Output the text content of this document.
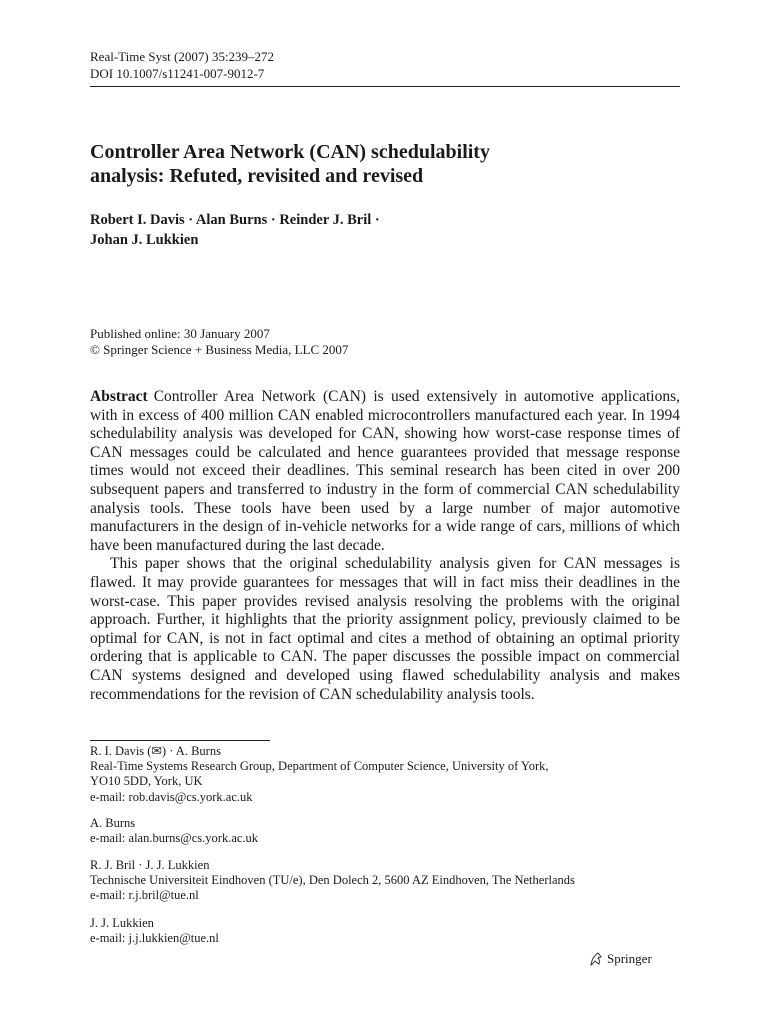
Real-Time Syst (2007) 35:239–272
DOI 10.1007/s11241-007-9012-7
Controller Area Network (CAN) schedulability
analysis: Refuted, revisited and revised
Robert I. Davis · Alan Burns · Reinder J. Bril ·
Johan J. Lukkien
Published online: 30 January 2007
© Springer Science + Business Media, LLC 2007

Abstract Controller Area Network (CAN) is used extensively in automotive applications, with in excess of 400 million CAN enabled microcontrollers manufactured each year. In 1994 schedulability analysis was developed for CAN, showing how worst-case response times of CAN messages could be calculated and hence guarantees provided that message response times would not exceed their deadlines. This seminal research has been cited in over 200 subsequent papers and transferred to industry in the form of commercial CAN schedulability analysis tools. These tools have been used by a large number of major automotive manufacturers in the design of in-vehicle networks for a wide range of cars, millions of which have been manufactured during the last decade.

This paper shows that the original schedulability analysis given for CAN messages is flawed. It may provide guarantees for messages that will in fact miss their deadlines in the worst-case. This paper provides revised analysis resolving the problems with the original approach. Further, it highlights that the priority assignment policy, previously claimed to be optimal for CAN, is not in fact optimal and cites a method of obtaining an optimal priority ordering that is applicable to CAN. The paper discusses the possible impact on commercial CAN systems designed and developed using flawed schedulability analysis and makes recommendations for the revision of CAN schedulability analysis tools.

R. I. Davis (✉) · A. Burns
Real-Time Systems Research Group, Department of Computer Science, University of York,
YO10 5DD, York, UK
e-mail: rob.davis@cs.york.ac.uk
A. Burns
e-mail: alan.burns@cs.york.ac.uk
R. J. Bril · J. J. Lukkien
Technische Universiteit Eindhoven (TU/e), Den Dolech 2, 5600 AZ Eindhoven, The Netherlands
e-mail: r.j.bril@tue.nl
J. J. Lukkien
e-mail: j.j.lukkien@tue.nl
Springer
